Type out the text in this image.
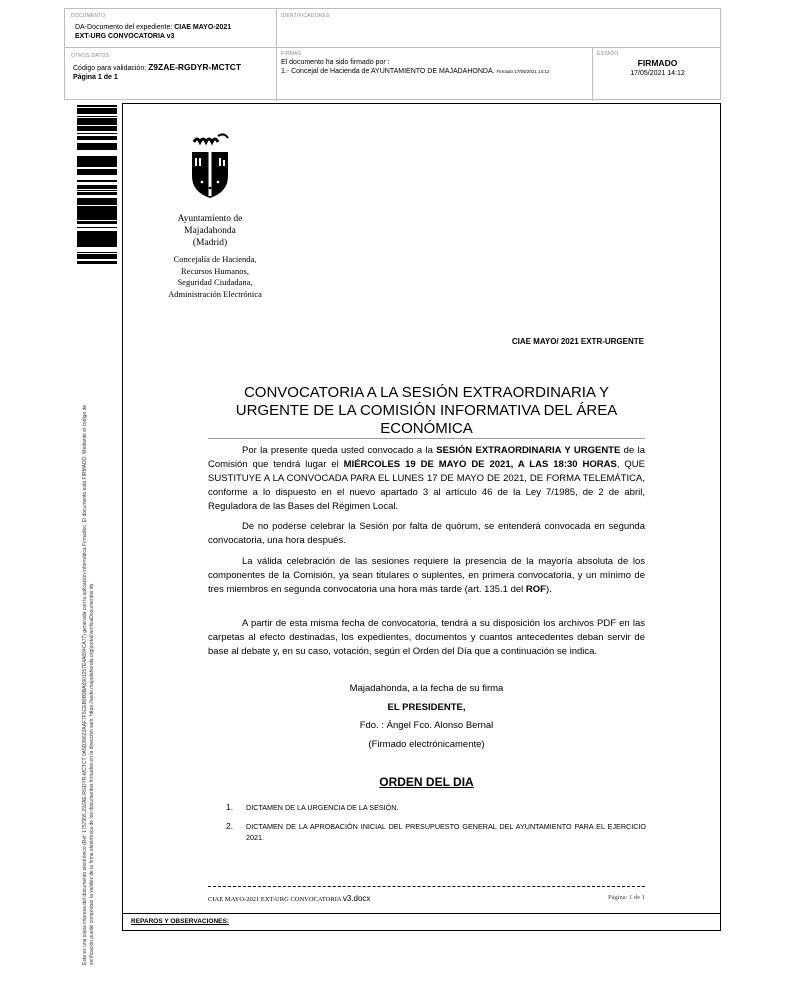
DOCUMENTO
DA-Documento del expediente: CIAE MAYO-2021
EXT-URG CONVOCATORIA v3
IDENTIFICADORES
OTROS DATOS
Código para validación: Z9ZAE-RGDYR-MCTCT
Página 1 de 1
FIRMAS
El documento ha sido firmado por :
1.- Concejal de Hacienda de AYUNTAMIENTO DE MAJADAHONDA. Firmado 17/05/2021 14:12
ESTADO
FIRMADO
17/05/2021 14:12
Esta es una copia impresa del documento electrónico (Ref: 1757955 Z9ZAE-RGDYR-MCTCT 0A5D39622AAF7F5CEB9B9BA6901257E4A694CA77) generada con la aplicación informática Firmadoc. El documento está FIRMADO. Mediante el código de verificación puede comprobar la validez de la firma electrónica de los documentos firmados en la dirección web: https://sede.majadahonda.org/portal/verificaDocumentos.do	REPAROS Y OBSERVACIONES:
Ayuntamiento de
Majadahonda
(Madrid)
Concejalía de Hacienda,
Recursos Humanos,
Seguridad Ciudadana,
Administración Electrónica
CIAE MAYO/ 2021 EXTR-URGENTE
CONVOCATORIA A LA SESIÓN EXTRAORDINARIA Y
URGENTE DE LA COMISIÓN INFORMATIVA DEL ÁREA
ECONÓMICA

Por la presente queda usted convocado a la SESIÓN EXTRAORDINARIA Y URGENTE de la Comisión que tendrá lugar el MIÉRCOLES 19 DE MAYO DE 2021, A LAS 18:30 HORAS, QUE SUSTITUYE A LA CONVOCADA PARA EL LUNES 17 DE MAYO DE 2021, DE FORMA TELEMÁTICA, conforme a lo dispuesto en el nuevo apartado 3 al artículo 46 de la Ley 7/1985, de 2 de abril, Reguladora de las Bases del Régimen Local.

De no poderse celebrar la Sesión por falta de quórum, se entenderá convocada en segunda convocatoria, una hora después.

La válida celebración de las sesiones requiere la presencia de la mayoría absoluta de los componentes de la Comisión, ya sean titulares o suplentes, en primera convocatoria, y un mínimo de tres miembros en segunda convocatoria una hora más tarde (art. 135.1 del ROF).

A partir de esta misma fecha de convocatoria, tendrá a su disposición los archivos PDF en las carpetas al efecto destinadas, los expedientes, documentos y cuantos antecedentes deban servir de base al debate y, en su caso, votación, según el Orden del Día que a continuación se indica.

Majadahonda, a la fecha de su firma
EL PRESIDENTE,
Fdo. : Ángel Fco. Alonso Bernal
(Firmado electrónicamente)
ORDEN DEL DIA
1. DICTAMEN DE LA URGENCIA DE LA SESIÓN.
2. DICTAMEN DE LA APROBACIÓN INICIAL DEL PRESUPUESTO GENERAL DEL AYUNTAMIENTO PARA EL EJERCICIO 2021.
CIAE MAYO-2021 EXT-URG CONVOCATORIA v3.docx	Página: 1 de 1
